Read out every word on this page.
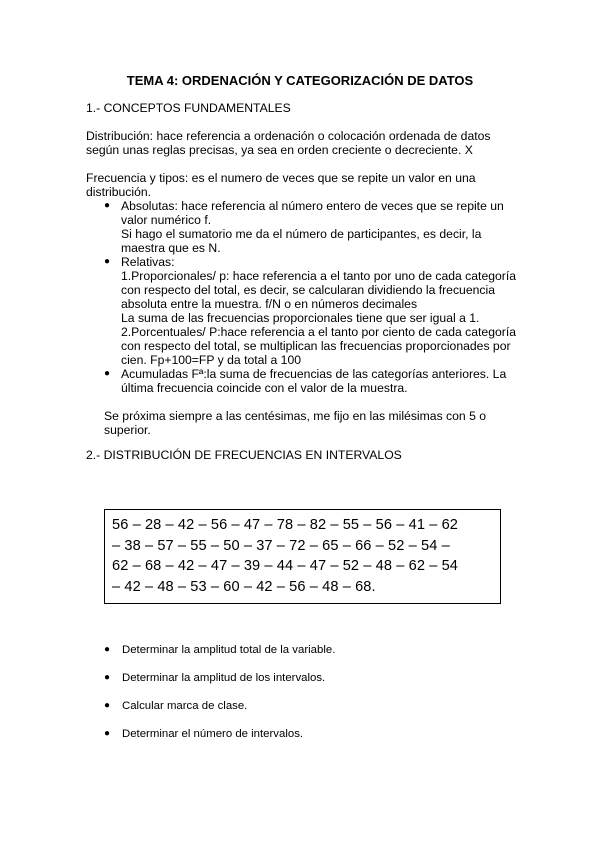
TEMA 4: ORDENACIÓN Y CATEGORIZACIÓN DE DATOS
1.- CONCEPTOS FUNDAMENTALES
Distribución: hace referencia a ordenación o colocación ordenada de datos
según unas reglas precisas, ya sea en orden creciente o decreciente. X
Frecuencia y tipos: es el numero de veces que se repite un valor en una
distribución.
● Absolutas: hace referencia al número entero de veces que se repite un
valor numérico f.
Si hago el sumatorio me da el número de participantes, es decir, la
maestra que es N.
● Relativas:
1.Proporcionales/ p: hace referencia a el tanto por uno de cada categoría
con respecto del total, es decir, se calcularan dividiendo la frecuencia
absoluta entre la muestra. f/N o en números decimales
La suma de las frecuencias proporcionales tiene que ser igual a 1.
2.Porcentuales/ P:hace referencia a el tanto por ciento de cada categoría
con respecto del total, se multiplican las frecuencias proporcionades por
cien. Fp+100=FP y da total a 100
● Acumuladas Fª:la suma de frecuencias de las categorías anteriores. La
última frecuencia coincide con el valor de la muestra.
Se próxima siempre a las centésimas, me fijo en las milésimas con 5 o
superior.
2.- DISTRIBUCIÓN DE FRECUENCIAS EN INTERVALOS
56 – 28 – 42 – 56 – 47 – 78 – 82 – 55 – 56 – 41 – 62
– 38 – 57 – 55 – 50 – 37 – 72 – 65 – 66 – 52 – 54 –
62 – 68 – 42 – 47 – 39 – 44 – 47 – 52 – 48 – 62 – 54
– 42 – 48 – 53 – 60 – 42 – 56 – 48 – 68.
● Determinar la amplitud total de la variable.
● Determinar la amplitud de los intervalos.
● Calcular marca de clase.
● Determinar el número de intervalos.
